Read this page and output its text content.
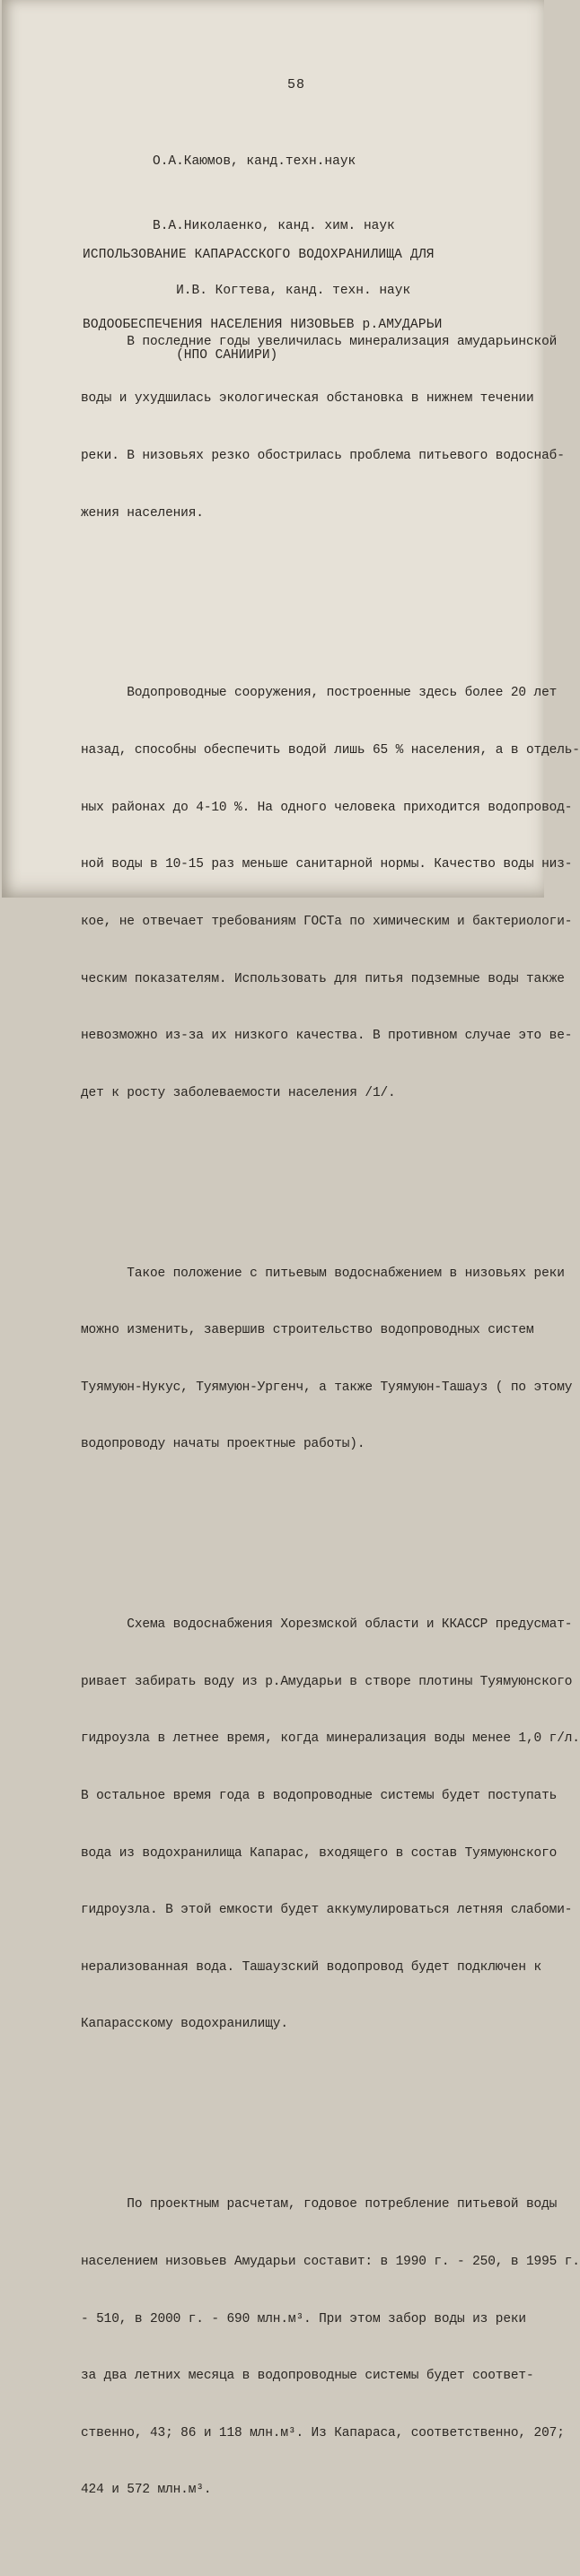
58

О.А.Каюмов, канд.техн.наук

В.А.Николаенко, канд. хим. наук

И.В. Когтева, канд. техн. наук

(НПО САНИИРИ)

ИСПОЛЬЗОВАНИЕ КАПАРАССКОГО ВОДОХРАНИЛИЩА ДЛЯ

ВОДООБЕСПЕЧЕНИЯ НАСЕЛЕНИЯ НИЗОВЬЕВ р.АМУДАРЬИ

В последние годы увеличилась минерализация амударьинской

воды и ухудшилась экологическая обстановка в нижнем течении

реки. В низовьях резко обострилась проблема питьевого водоснаб-

жения населения.

Водопроводные сооружения, построенные здесь более 20 лет

назад, способны обеспечить водой лишь 65 % населения, а в отдель-

ных районах до 4-10 %. На одного человека приходится водопровод-

ной воды в 10-15 раз меньше санитарной нормы. Качество воды низ-

кое, не отвечает требованиям ГОСТа по химическим и бактериологи-

ческим показателям. Использовать для питья подземные воды также

невозможно из-за их низкого качества. В противном случае это ве-

дет к росту заболеваемости населения /1/.

Такое положение с питьевым водоснабжением в низовьях реки

можно изменить, завершив строительство водопроводных систем

Туямуюн-Нукус, Туямуюн-Ургенч, а также Туямуюн-Ташауз ( по этому

водопроводу начаты проектные работы).

Схема водоснабжения Хорезмской области и ККАССР предусмат-

ривает забирать воду из р.Амударьи в створе плотины Туямуюнского

гидроузла в летнее время, когда минерализация воды менее 1,0 г/л.

В остальное время года в водопроводные системы будет поступать

вода из водохранилища Капарас, входящего в состав Туямуюнского

гидроузла. В этой емкости будет аккумулироваться летняя слабоми-

нерализованная вода. Ташаузский водопровод будет подключен к

Капарасскому водохранилищу.

По проектным расчетам, годовое потребление питьевой воды

населением низовьев Амударьи составит: в 1990 г. - 250, в 1995 г.

- 510, в 2000 г. - 690 млн.м³. При этом забор воды из реки

за два летних месяца в водопроводные системы будет соответ-

ственно, 43; 86 и 118 млн.м³. Из Капараса, соответственно, 207;

424 и 572 млн.м³.
